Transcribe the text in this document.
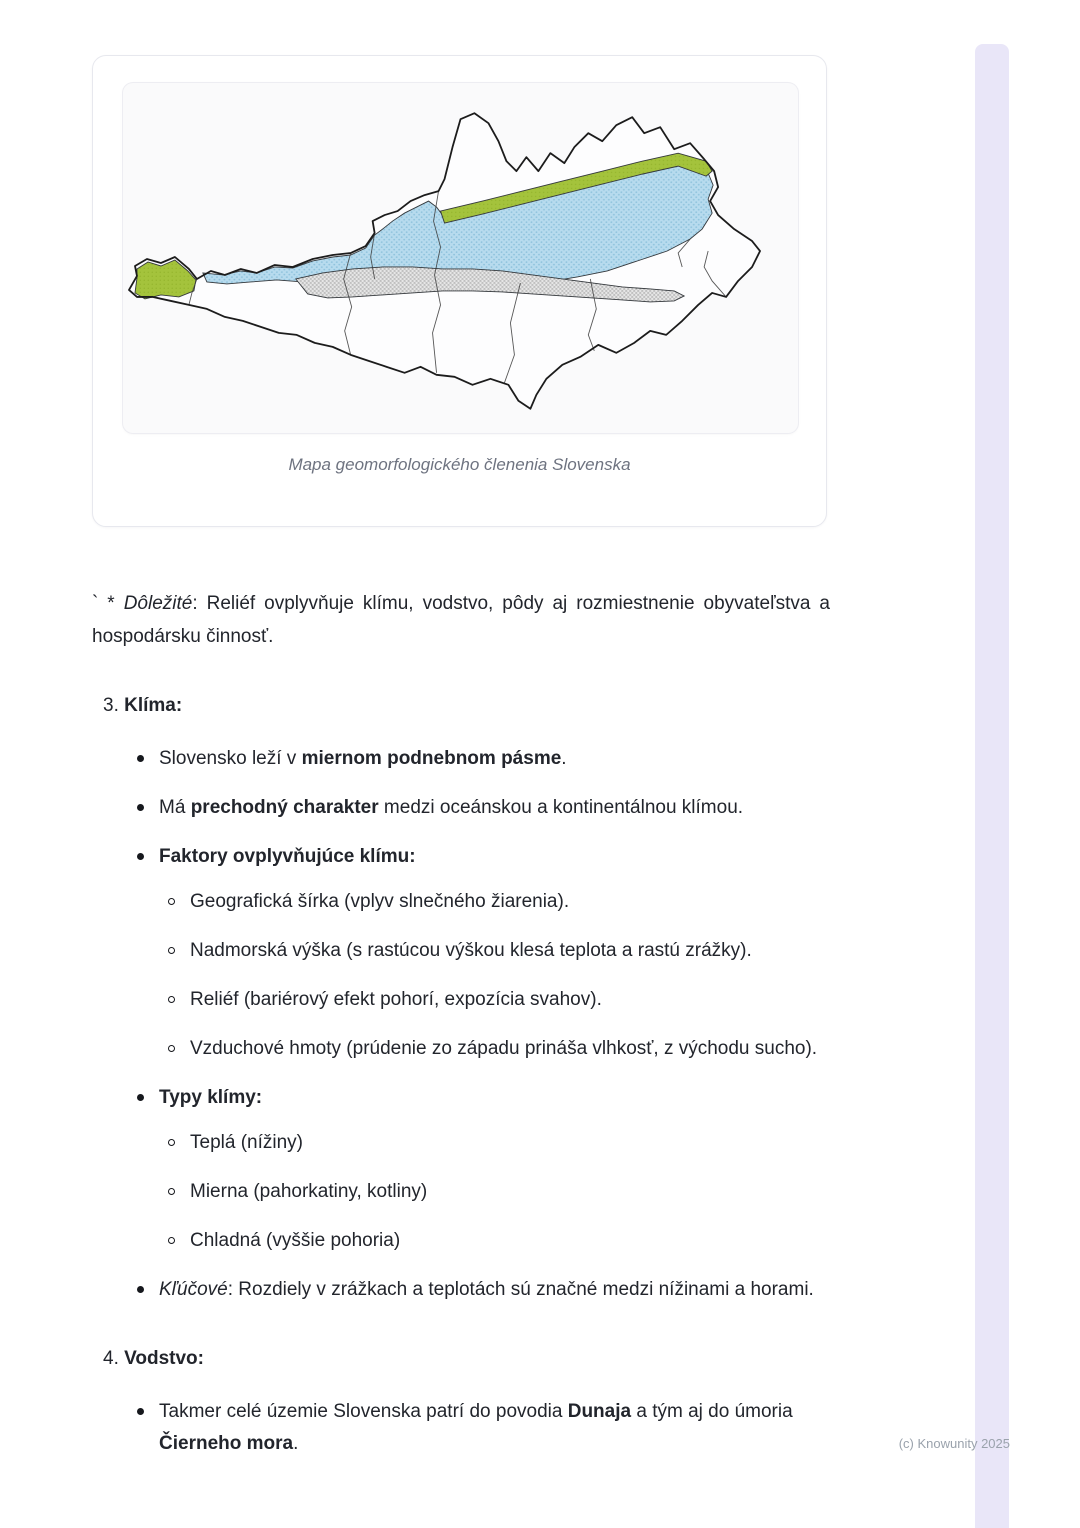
Mapa geomorfologického členenia Slovenska

` * Dôležité: Reliéf ovplyvňuje klímu, vodstvo, pôdy aj rozmiestnenie obyvateľstva a hospodársku činnosť.

3. Klíma:

Slovensko leží v miernom podnebnom pásme.

Má prechodný charakter medzi oceánskou a kontinentálnou klímou.

Faktory ovplyvňujúce klímu:

Geografická šírka (vplyv slnečného žiarenia).

Nadmorská výška (s rastúcou výškou klesá teplota a rastú zrážky).

Reliéf (bariérový efekt pohorí, expozícia svahov).

Vzduchové hmoty (prúdenie zo západu prináša vlhkosť, z východu sucho).

Typy klímy:

Teplá (nížiny)

Mierna (pahorkatiny, kotliny)

Chladná (vyššie pohoria)

Kľúčové: Rozdiely v zrážkach a teplotách sú značné medzi nížinami a horami.

4. Vodstvo:

Takmer celé územie Slovenska patrí do povodia Dunaja a tým aj do úmoria Čierneho mora.	(c) Knowunity 2025
